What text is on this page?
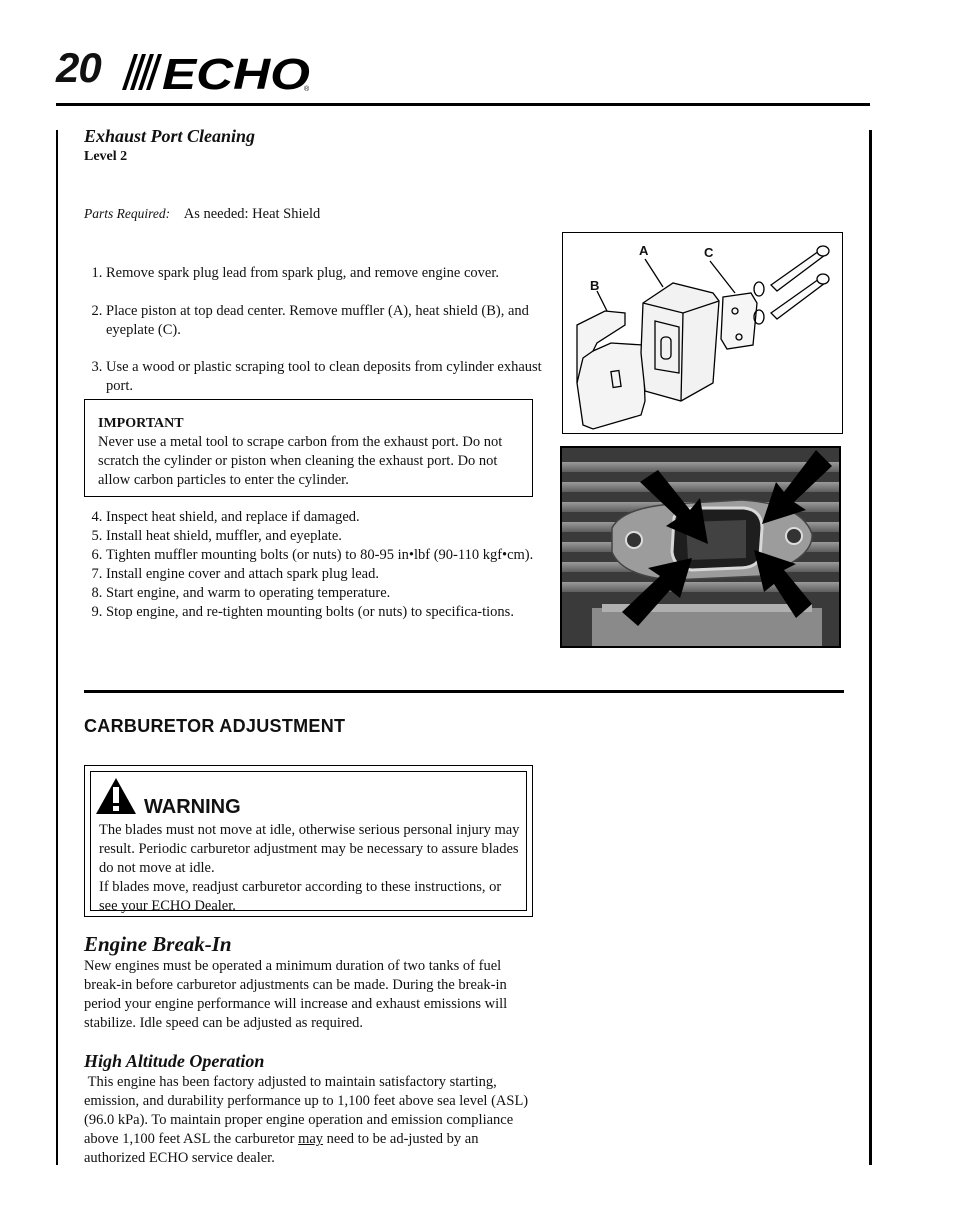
20 ECHO
®
Exhaust Port Cleaning
Level 2
Parts Required: As needed: Heat Shield
1. Remove spark plug lead from spark plug, and remove engine cover.
2. Place piston at top dead center. Remove muffler (A), heat shield (B), and eyeplate (C).
3. Use a wood or plastic scraping tool to clean deposits from cylinder exhaust port.
IMPORTANT
Never use a metal tool to scrape carbon from the exhaust port. Do not scratch the cylinder or piston when cleaning the exhaust port. Do not allow carbon particles to enter the cylinder.
4. Inspect heat shield, and replace if damaged.
5. Install heat shield, muffler, and eyeplate.
6. Tighten muffler mounting bolts (or nuts) to 80-95 in•lbf (90-110 kgf•cm).
7. Install engine cover and attach spark plug lead.
8. Start engine, and warm to operating temperature.
9. Stop engine, and re-tighten mounting bolts (or nuts) to specifica-tions.
A	C
B
CARBURETOR ADJUSTMENT
WARNING
The blades must not move at idle, otherwise serious personal injury may result. Periodic carburetor adjustment may be necessary to assure blades do not move at idle.
If blades move, readjust carburetor according to these instructions, or see your ECHO Dealer.
Engine Break-In
New engines must be operated a minimum duration of two tanks of fuel break-in before carburetor adjustments can be made. During the break-in period your engine performance will increase and exhaust emissions will stabilize. Idle speed can be adjusted as required.
High Altitude Operation
This engine has been factory adjusted to maintain satisfactory starting, emission, and durability performance up to 1,100 feet above sea level (ASL) (96.0 kPa). To maintain proper engine operation and emission compliance above 1,100 feet ASL the carburetor may need to be ad-justed by an authorized ECHO service dealer.
